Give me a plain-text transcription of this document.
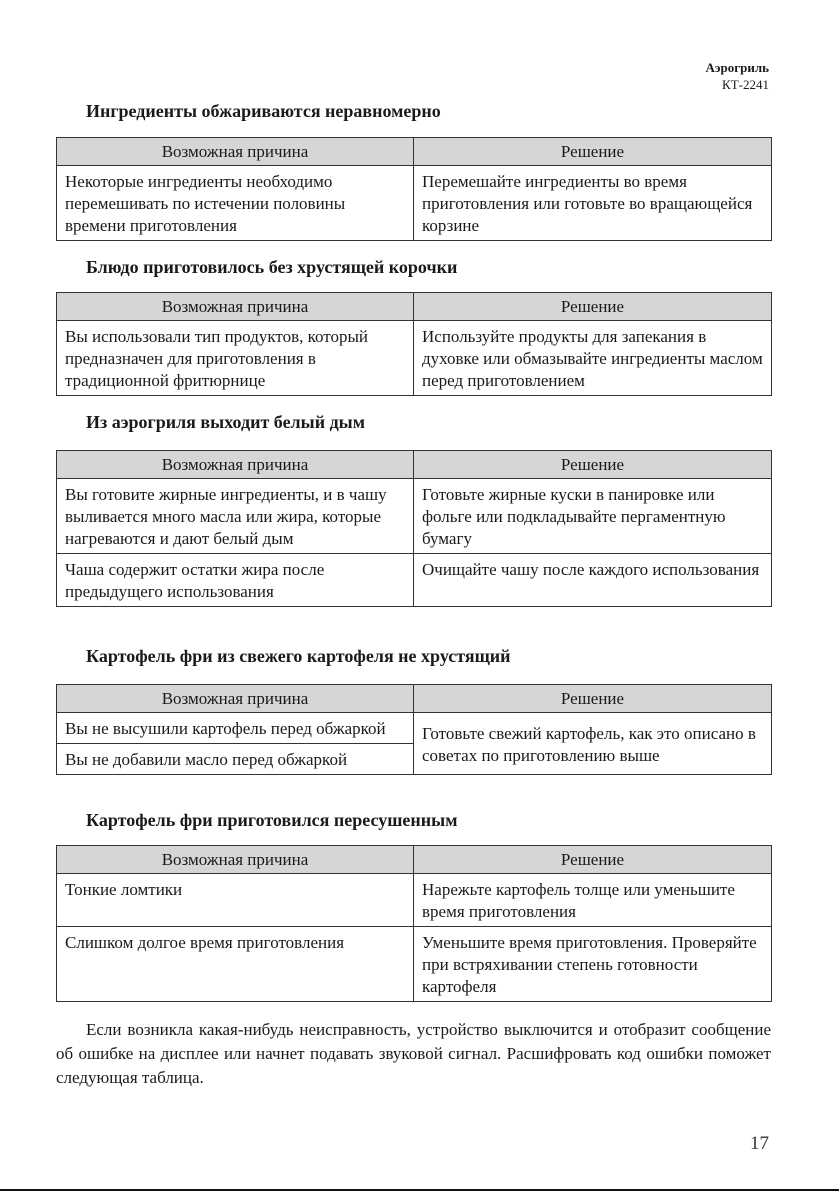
Аэрогриль
КТ-2241
Ингредиенты обжариваются неравномерно
Возможная причина	Решение
Некоторые ингредиенты необходимо перемешивать по истечении половины времени приготовления	Перемешайте ингредиенты во время приготовления или готовьте во вращающейся корзине
Блюдо приготовилось без хрустящей корочки
Возможная причина	Решение
Вы использовали тип продуктов, который предназначен для приготовления в традиционной фритюрнице	Используйте продукты для запекания в духовке или обмазывайте ингредиенты маслом перед приготовлением
Из аэрогриля выходит белый дым
Возможная причина	Решение
Вы готовите жирные ингредиенты, и в чашу выливается много масла или жира, которые нагреваются и дают белый дым	Готовьте жирные куски в панировке или фольге или подкладывайте пергаментную бумагу
Чаша содержит остатки жира после предыдущего использования	Очищайте чашу после каждого использования
Картофель фри из свежего картофеля не хрустящий
Возможная причина	Решение
Вы не высушили картофель перед обжаркой	Готовьте свежий картофель, как это описано в советах по приготовлению выше
Вы не добавили масло перед обжаркой	
Картофель фри приготовился пересушенным
Возможная причина	Решение
Тонкие ломтики	Нарежьте картофель толще или уменьшите время приготовления
Слишком долгое время приготовления	Уменьшите время приготовления. Проверяйте при встряхивании степень готовности картофеля

Если возникла какая-нибудь неисправность, устройство выключится и отобразит сообщение об ошибке на дисплее или начнет подавать звуковой сигнал. Расшифровать код ошибки поможет следующая таблица.

17
